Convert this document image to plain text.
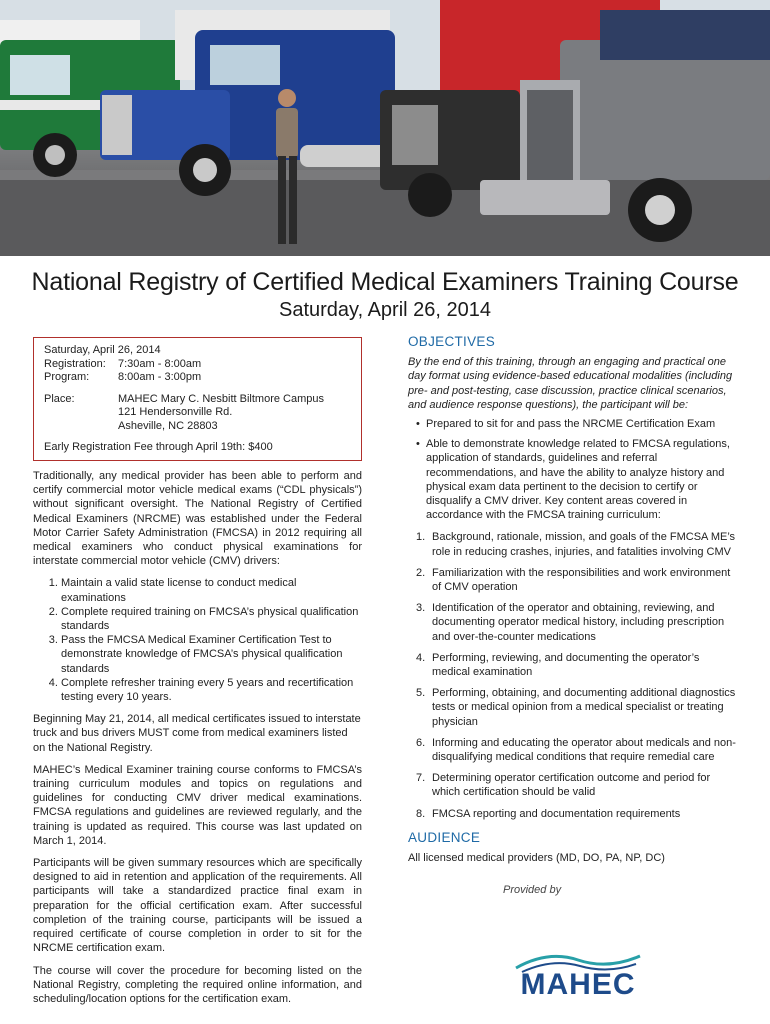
National Registry of Certified Medical Examiners Training Course
Saturday, April 26, 2014
Saturday, April 26, 2014
Registration:	7:30am - 8:00am
Program:	8:00am - 3:00pm
Place:	MAHEC Mary C. Nesbitt Biltmore Campus
121 Hendersonville Rd.
Asheville, NC 28803
Early Registration Fee through April 19th: $400

Traditionally, any medical provider has been able to perform and certify commercial motor vehicle medical exams (“CDL physicals”) without significant oversight. The National Registry of Certified Medical Examiners (NRCME) was established under the Federal Motor Carrier Safety Administration (FMCSA) in 2012 requiring all medical examiners who conduct physical examinations for interstate commercial motor vehicle (CMV) drivers:

1. Maintain a valid state license to conduct medical examinations
2. Complete required training on FMCSA’s physical qualification standards
3. Pass the FMCSA Medical Examiner Certification Test to demonstrate knowledge of FMCSA’s physical qualification standards
4. Complete refresher training every 5 years and recertification testing every 10 years.

Beginning May 21, 2014, all medical certificates issued to interstate truck and bus drivers MUST come from medical examiners listed on the National Registry.

MAHEC’s Medical Examiner training course conforms to FMCSA’s training curriculum modules and topics on regulations and guidelines for conducting CMV driver medical examinations. FMCSA regulations and guidelines are reviewed regularly, and the training is updated as required. This course was last updated on March 1, 2014.

Participants will be given summary resources which are specifically designed to aid in retention and application of the requirements. All participants will take a standardized practice final exam in preparation for the official certification exam. After successful completion of the training course, participants will be issued a required certificate of course completion in order to sit for the NRCME certification exam.

The course will cover the procedure for becoming listed on the National Registry, completing the required online information, and scheduling/location options for the certification exam.

OBJECTIVES
By the end of this training, through an engaging and practical one day format using evidence-based educational modalities (including pre- and post-testing, case discussion, practice clinical scenarios, and audience response questions), the participant will be:
• Prepared to sit for and pass the NRCME Certification Exam
• Able to demonstrate knowledge related to FMCSA regulations, application of standards, guidelines and referral recommendations, and have the ability to analyze history and physical exam data pertinent to the decision to certify or disqualify a CMV driver. Key content areas covered in accordance with the FMCSA training curriculum:
1. Background, rationale, mission, and goals of the FMCSA ME’s role in reducing crashes, injuries, and fatalities involving CMV
2. Familiarization with the responsibilities and work environment of CMV operation
3. Identification of the operator and obtaining, reviewing, and documenting operator medical history, including prescription and over-the-counter medications
4. Performing, reviewing, and documenting the operator’s medical examination
5. Performing, obtaining, and documenting additional diagnostics tests or medical opinion from a medical specialist or treating physician
6. Informing and educating the operator about medicals and non-disqualifying medical conditions that require remedial care
7. Determining operator certification outcome and period for which certification should be valid
8. FMCSA reporting and documentation requirements
AUDIENCE
All licensed medical providers (MD, DO, PA, NP, DC)
Provided by
MAHEC
